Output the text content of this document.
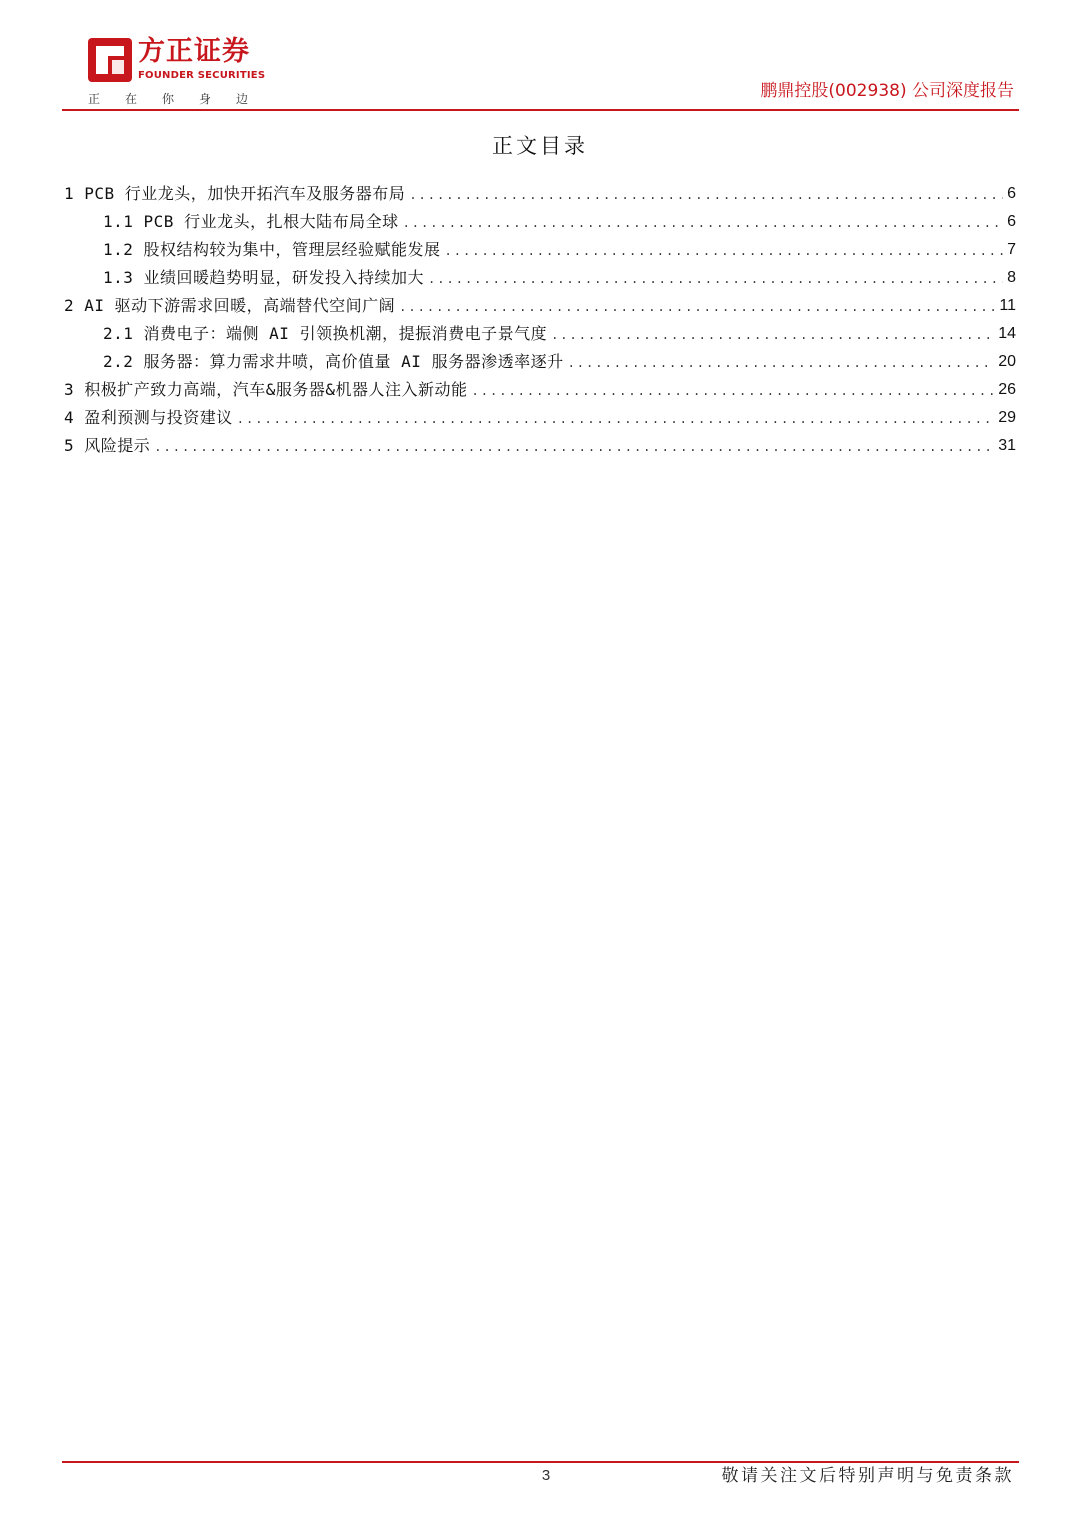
方正证券
FOUNDER SECURITIES
正在你身边	鹏鼎控股(002938) 公司深度报告
正文目录
1 PCB 行业龙头，加快开拓汽车及服务器布局 .....	6
1.1 PCB 行业龙头，扎根大陆布局全球 .....	6
1.2 股权结构较为集中，管理层经验赋能发展 .....	7
1.3 业绩回暖趋势明显，研发投入持续加大 .....	8
2 AI 驱动下游需求回暖，高端替代空间广阔 .....	11
2.1 消费电子：端侧 AI 引领换机潮，提振消费电子景气度 .....	14
2.2 服务器：算力需求井喷，高价值量 AI 服务器渗透率逐升 .....	20
3 积极扩产致力高端，汽车&服务器&机器人注入新动能 .....	26
4 盈利预测与投资建议 .....	29
5 风险提示 .....	31
3	敬请关注文后特别声明与免责条款
